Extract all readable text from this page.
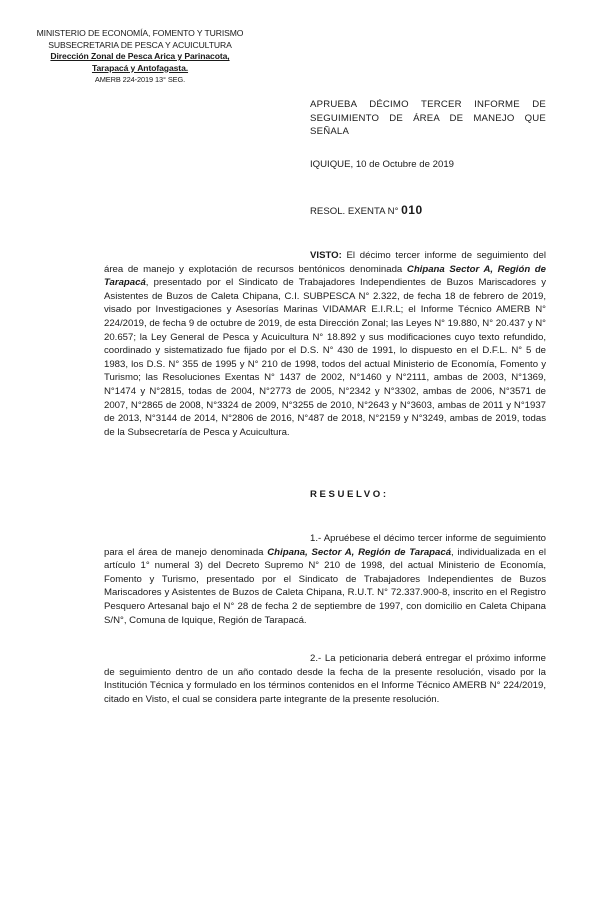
MINISTERIO DE ECONOMÍA, FOMENTO Y TURISMO
SUBSECRETARIA DE PESCA Y ACUICULTURA
Dirección Zonal de Pesca Arica y Parinacota,
Tarapacá y Antofagasta.
AMERB 224-2019 13° SEG.
APRUEBA DÉCIMO TERCER INFORME DE
SEGUIMIENTO DE ÁREA DE MANEJO QUE SEÑALA
IQUIQUE, 10 de Octubre de 2019
RESOL. EXENTA N° 010
VISTO: El décimo tercer informe de seguimiento del área de manejo y explotación de recursos bentónicos denominada Chipana Sector A, Región de Tarapacá, presentado por el Sindicato de Trabajadores Independientes de Buzos Mariscadores y Asistentes de Buzos de Caleta Chipana, C.I. SUBPESCA N° 2.322, de fecha 18 de febrero de 2019, visado por Investigaciones y Asesorías Marinas VIDAMAR E.I.R.L; el Informe Técnico AMERB N° 224/2019, de fecha 9 de octubre de 2019, de esta Dirección Zonal; las Leyes N° 19.880, N° 20.437 y N° 20.657; la Ley General de Pesca y Acuicultura N° 18.892 y sus modificaciones cuyo texto refundido, coordinado y sistematizado fue fijado por el D.S. N° 430 de 1991, lo dispuesto en el D.F.L. N° 5 de 1983, los D.S. N° 355 de 1995 y N° 210 de 1998, todos del actual Ministerio de Economía, Fomento y Turismo; las Resoluciones Exentas N° 1437 de 2002, N°1460 y N°2111, ambas de 2003, N°1369, N°1474 y N°2815, todas de 2004, N°2773 de 2005, N°2342 y N°3302, ambas de 2006, N°3571 de 2007, N°2865 de 2008, N°3324 de 2009, N°3255 de 2010, N°2643 y N°3603, ambas de 2011 y N°1937 de 2013, N°3144 de 2014, N°2806 de 2016, N°487 de 2018, N°2159 y N°3249, ambas de 2019, todas de la Subsecretaría de Pesca y Acuicultura.
RESUELVO:
1.- Apruébese el décimo tercer informe de seguimiento para el área de manejo denominada Chipana, Sector A, Región de Tarapacá, individualizada en el artículo 1° numeral 3) del Decreto Supremo N° 210 de 1998, del actual Ministerio de Economía, Fomento y Turismo, presentado por el Sindicato de Trabajadores Independientes de Buzos Mariscadores y Asistentes de Buzos de Caleta Chipana, R.U.T. N° 72.337.900-8, inscrito en el Registro Pesquero Artesanal bajo el N° 28 de fecha 2 de septiembre de 1997, con domicilio en Caleta Chipana S/N°, Comuna de Iquique, Región de Tarapacá.
2.- La peticionaria deberá entregar el próximo informe de seguimiento dentro de un año contado desde la fecha de la presente resolución, visado por la Institución Técnica y formulado en los términos contenidos en el Informe Técnico AMERB N° 224/2019, citado en Visto, el cual se considera parte integrante de la presente resolución.
